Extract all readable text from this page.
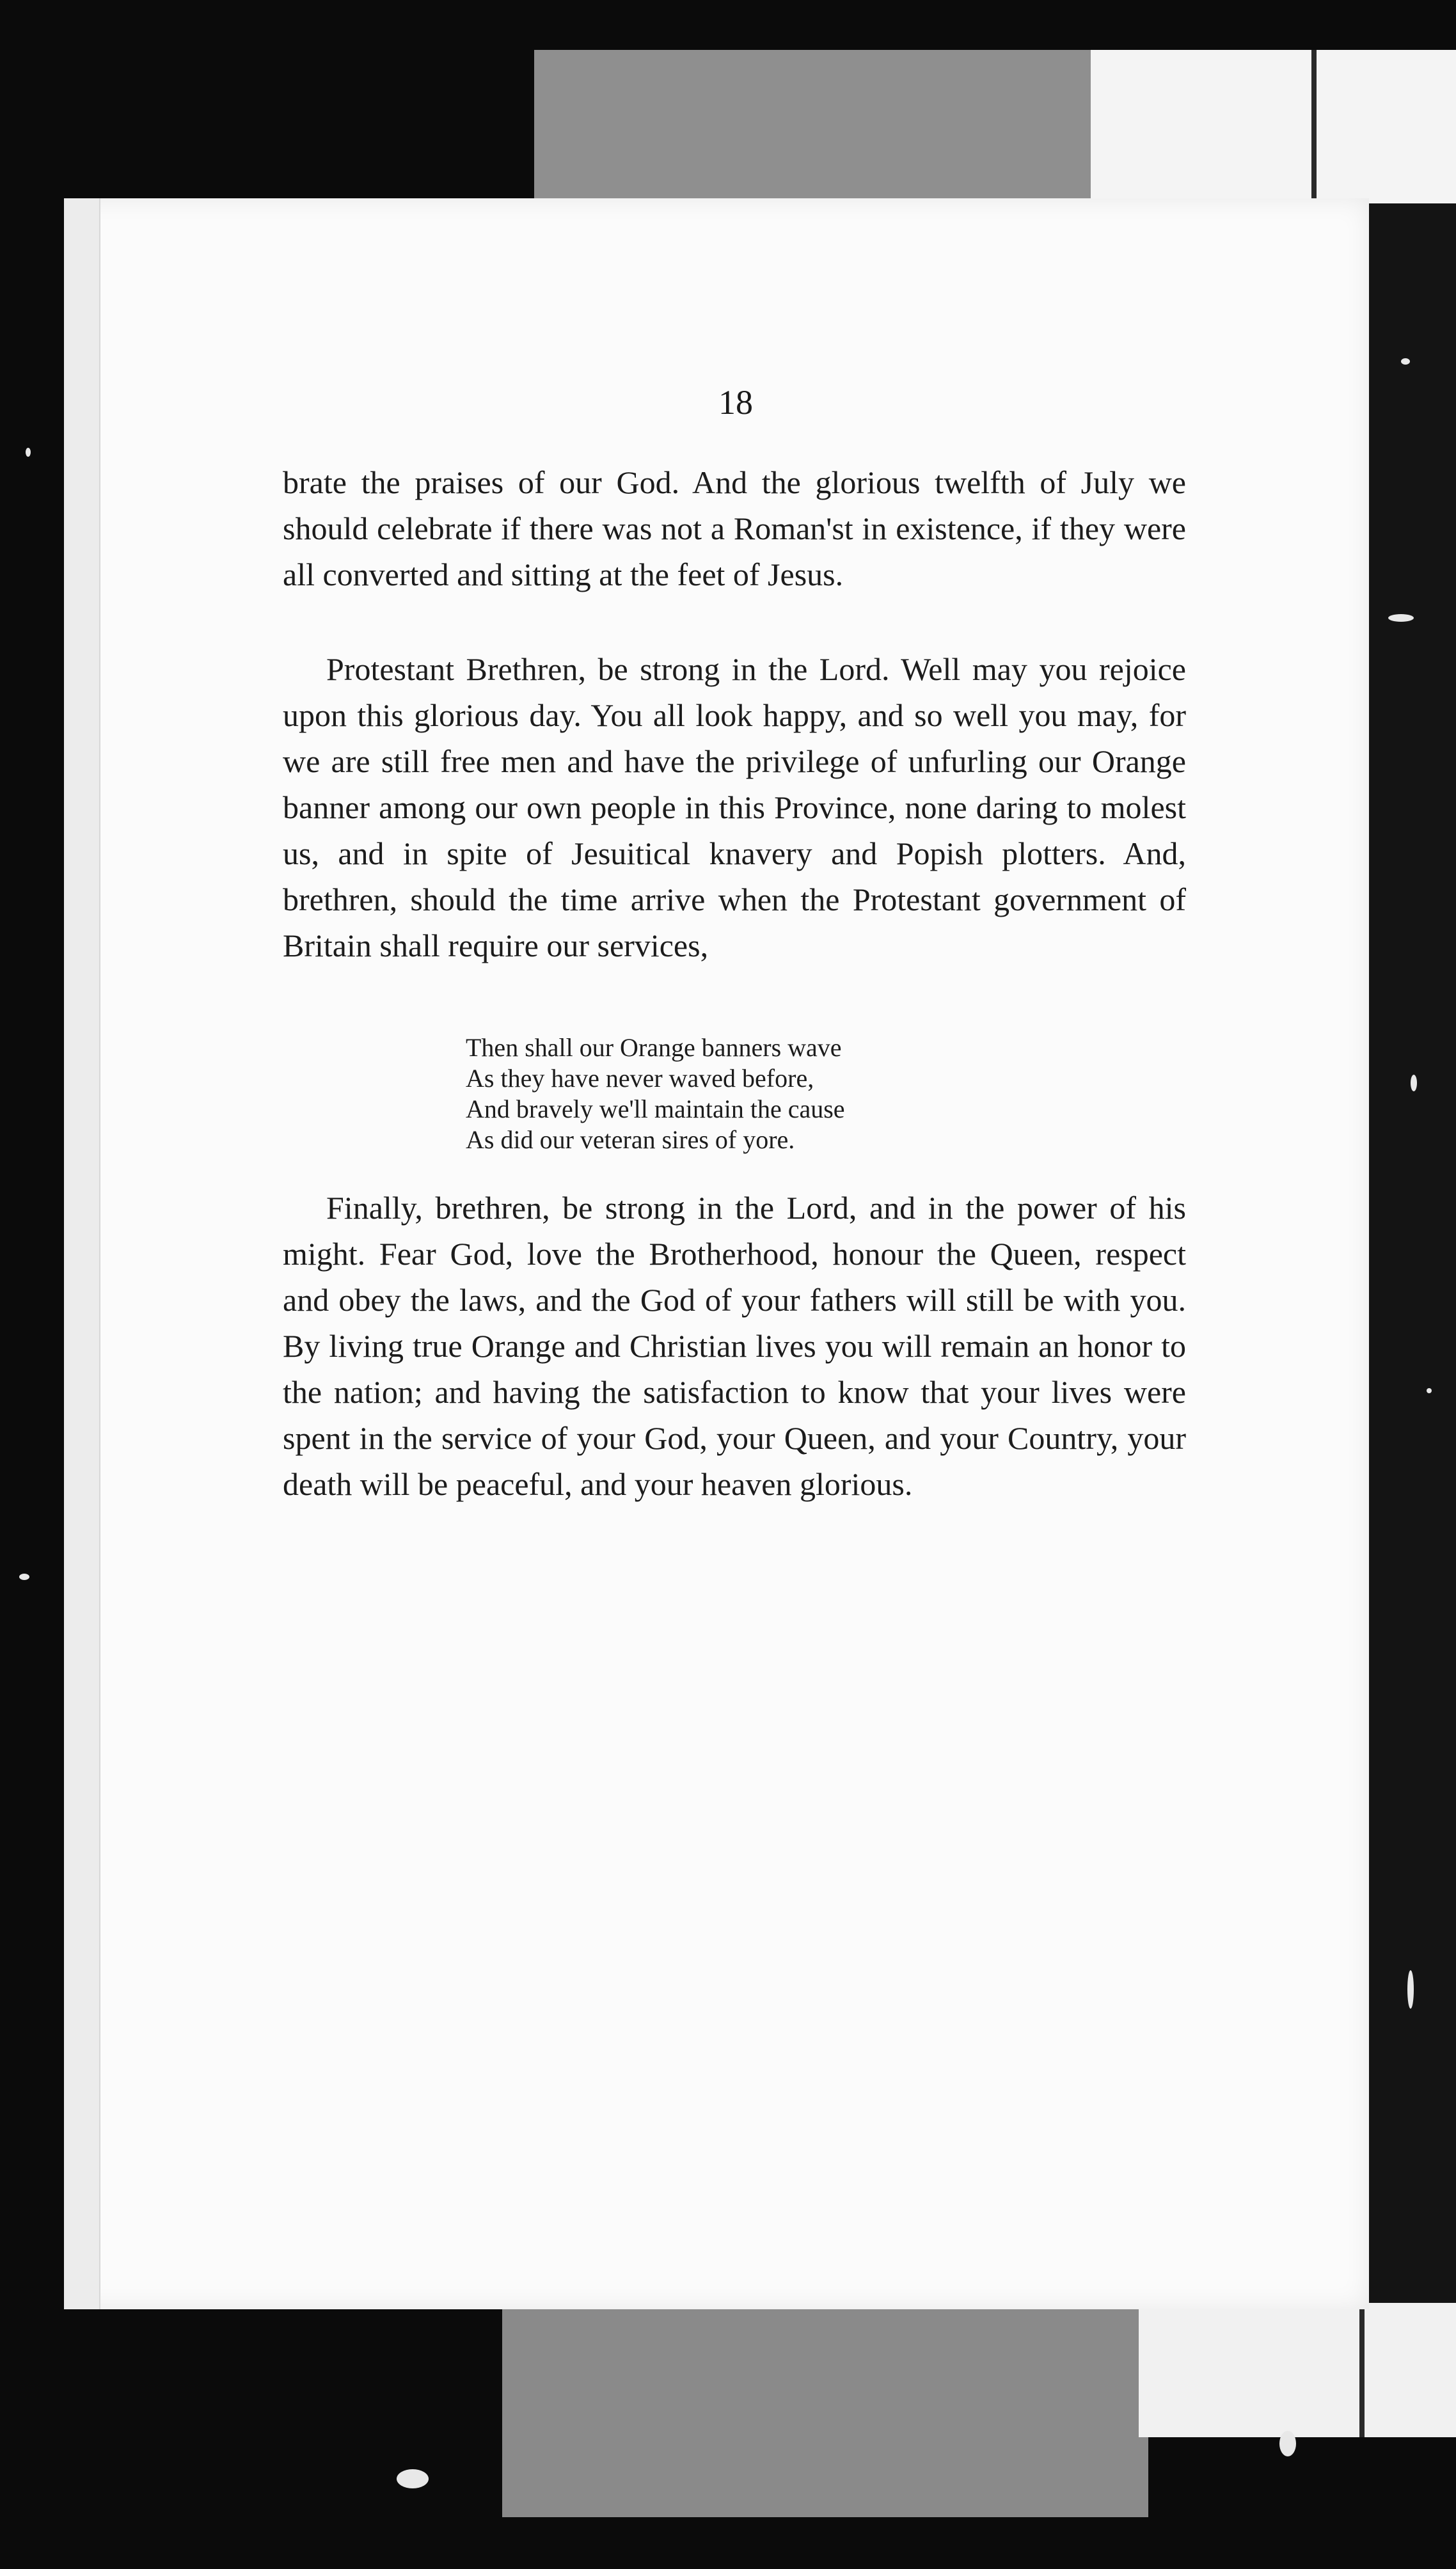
18

brate the praises of our God. And the glorious twelfth of July we should celebrate if there was not a Roman'st in existence, if they were all converted and sitting at the feet of Jesus.

Protestant Brethren, be strong in the Lord. Well may you rejoice upon this glorious day. You all look happy, and so well you may, for we are still free men and have the privilege of unfurling our Orange banner among our own people in this Province, none daring to molest us, and in spite of Jesuitical knavery and Popish plotters. And, brethren, should the time arrive when the Protestant government of Britain shall require our services,

Then shall our Orange banners wave
As they have never waved before,
And bravely we'll maintain the cause
As did our veteran sires of yore.

Finally, brethren, be strong in the Lord, and in the power of his might. Fear God, love the Brotherhood, honour the Queen, respect and obey the laws, and the God of your fathers will still be with you. By living true Orange and Christian lives you will remain an honor to the nation; and having the satisfaction to know that your lives were spent in the service of your God, your Queen, and your Country, your death will be peaceful, and your heaven glorious.
